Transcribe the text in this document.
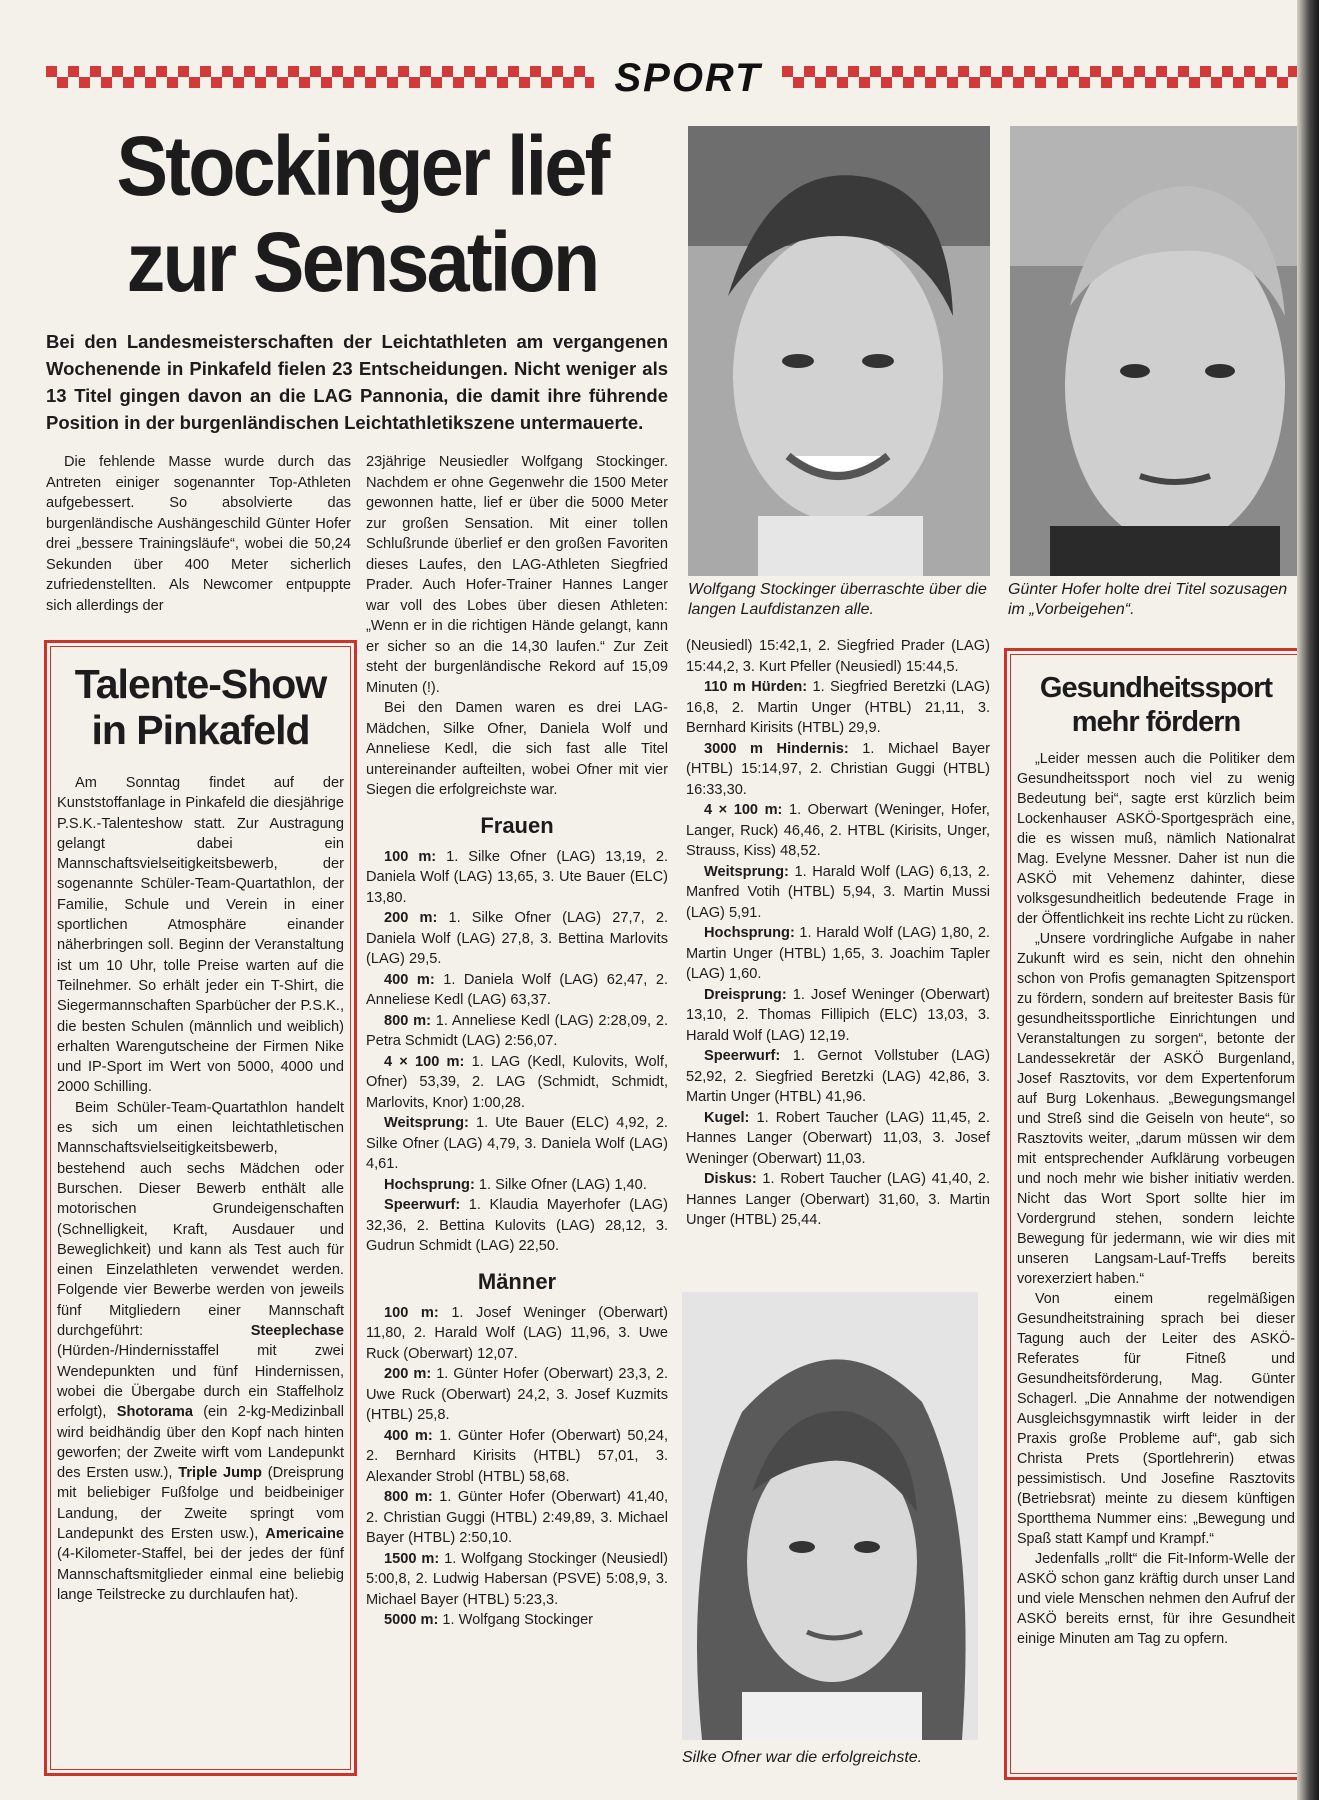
SPORT
Stockinger lief zur Sensation
Bei den Landesmeisterschaften der Leichtathleten am vergangenen Wochenende in Pinkafeld fielen 23 Entscheidungen. Nicht weniger als 13 Titel gingen davon an die LAG Pannonia, die damit ihre führende Position in der burgenländischen Leichtathletikszene untermauerte.

Die fehlende Masse wurde durch das Antreten einiger sogenannter Top-Athleten aufgebessert. So absolvierte das burgenländische Aushängeschild Günter Hofer drei „bessere Trainingsläufe“, wobei die 50,24 Sekunden über 400 Meter sicherlich zufriedenstellten. Als Newcomer entpuppte sich allerdings der

Talente-Show in Pinkafeld

Am Sonntag findet auf der Kunststoffanlage in Pinkafeld die diesjährige P.S.K.-Talenteshow statt. Zur Austragung gelangt dabei ein Mannschaftsvielseitigkeitsbewerb, der sogenannte Schüler-Team-Quartathlon, der Familie, Schule und Verein in einer sportlichen Atmosphäre einander näherbringen soll. Beginn der Veranstaltung ist um 10 Uhr, tolle Preise warten auf die Teilnehmer. So erhält jeder ein T-Shirt, die Siegermannschaften Sparbücher der P.S.K., die besten Schulen (männlich und weiblich) erhalten Warengutscheine der Firmen Nike und IP-Sport im Wert von 5000, 4000 und 2000 Schilling.

Beim Schüler-Team-Quartathlon handelt es sich um einen leichtathletischen Mannschaftsvielseitigkeitsbewerb, bestehend auch sechs Mädchen oder Burschen. Dieser Bewerb enthält alle motorischen Grundeigenschaften (Schnelligkeit, Kraft, Ausdauer und Beweglichkeit) und kann als Test auch für einen Einzelathleten verwendet werden. Folgende vier Bewerbe werden von jeweils fünf Mitgliedern einer Mannschaft durchgeführt:	Steeplechase (Hürden-/Hindernisstaffel mit zwei Wendepunkten und fünf Hindernissen, wobei die Übergabe durch ein Staffelholz erfolgt), Shotorama (ein 2-kg-Medizinball wird beidhändig über den Kopf nach hinten geworfen; der Zweite wirft vom Landepunkt des Ersten usw.), Triple Jump (Dreisprung mit beliebiger Fußfolge und beidbeiniger Landung, der Zweite springt vom Landepunkt des Ersten usw.), Americaine (4-Kilometer-Staffel, bei der jedes der fünf Mannschaftsmitglieder einmal eine beliebig lange Teilstrecke zu durchlaufen hat).

23jährige Neusiedler Wolfgang Stockinger. Nachdem er ohne Gegenwehr die 1500 Meter gewonnen hatte, lief er über die 5000 Meter zur großen Sensation. Mit einer tollen Schlußrunde überlief er den großen Favoriten dieses Laufes, den LAG-Athleten Siegfried Prader. Auch Hofer-Trainer Hannes Langer war voll des Lobes über diesen Athleten: „Wenn er in die richtigen Hände gelangt, kann er sicher so an die 14,30 laufen.“ Zur Zeit steht der burgenländische Rekord auf 15,09 Minuten (!).

Bei den Damen waren es drei LAG-Mädchen, Silke Ofner, Daniela Wolf und Anneliese Kedl, die sich fast alle Titel untereinander aufteilten, wobei Ofner mit vier Siegen die erfolgreichste war.

Frauen

100 m: 1. Silke Ofner (LAG) 13,19, 2. Daniela Wolf (LAG) 13,65, 3. Ute Bauer (ELC) 13,80.

200 m: 1. Silke Ofner (LAG) 27,7, 2. Daniela Wolf (LAG) 27,8, 3. Bettina Marlovits (LAG) 29,5.

400 m: 1. Daniela Wolf (LAG) 62,47, 2. Anneliese Kedl (LAG) 63,37.

800 m: 1. Anneliese Kedl (LAG) 2:28,09, 2. Petra Schmidt (LAG) 2:56,07.

4 × 100 m: 1. LAG (Kedl, Kulovits, Wolf, Ofner) 53,39, 2. LAG (Schmidt, Schmidt, Marlovits, Knor) 1:00,28.

Weitsprung: 1. Ute Bauer (ELC) 4,92, 2. Silke Ofner (LAG) 4,79, 3. Daniela Wolf (LAG) 4,61.

Hochsprung: 1. Silke Ofner (LAG) 1,40.

Speerwurf: 1. Klaudia Mayerhofer (LAG) 32,36, 2. Bettina Kulovits (LAG) 28,12, 3. Gudrun Schmidt (LAG) 22,50.

Männer

100 m: 1. Josef Weninger (Oberwart) 11,80, 2. Harald Wolf (LAG) 11,96, 3. Uwe Ruck (Oberwart) 12,07.

200 m: 1. Günter Hofer (Oberwart) 23,3, 2. Uwe Ruck (Oberwart) 24,2, 3. Josef Kuzmits (HTBL) 25,8.

400 m: 1. Günter Hofer (Oberwart) 50,24, 2. Bernhard Kirisits (HTBL) 57,01, 3. Alexander Strobl (HTBL) 58,68.

800 m: 1. Günter Hofer (Oberwart) 41,40, 2. Christian Guggi (HTBL) 2:49,89, 3. Michael Bayer (HTBL) 2:50,10.

1500 m: 1. Wolfgang Stockinger (Neusiedl) 5:00,8, 2. Ludwig Habersan (PSVE) 5:08,9, 3. Michael Bayer (HTBL) 5:23,3.

5000 m: 1. Wolfgang Stockinger

Wolfgang Stockinger überraschte über die langen Laufdistanzen alle.
Günter Hofer holte drei Titel sozusagen im „Vorbeigehen“.

(Neusiedl) 15:42,1, 2. Siegfried Prader (LAG) 15:44,2, 3. Kurt Pfeller (Neusiedl) 15:44,5.

110 m Hürden: 1. Siegfried Beretzki (LAG) 16,8, 2. Martin Unger (HTBL) 21,11, 3. Bernhard Kirisits (HTBL) 29,9.

3000 m Hindernis: 1. Michael Bayer (HTBL) 15:14,97, 2. Christian Guggi (HTBL) 16:33,30.

4 × 100 m: 1. Oberwart (Weninger, Hofer, Langer, Ruck) 46,46, 2. HTBL (Kirisits, Unger, Strauss, Kiss) 48,52.

Weitsprung: 1. Harald Wolf (LAG) 6,13, 2. Manfred Votih (HTBL) 5,94, 3. Martin Mussi (LAG) 5,91.

Hochsprung: 1. Harald Wolf (LAG) 1,80, 2. Martin Unger (HTBL) 1,65, 3. Joachim Tapler (LAG) 1,60.

Dreisprung: 1. Josef Weninger (Oberwart) 13,10, 2. Thomas Fillipich (ELC) 13,03, 3. Harald Wolf (LAG) 12,19.

Speerwurf: 1. Gernot Vollstuber (LAG) 52,92, 2. Siegfried Beretzki (LAG) 42,86, 3. Martin Unger (HTBL) 41,96.

Kugel: 1. Robert Taucher (LAG) 11,45, 2. Hannes Langer (Oberwart) 11,03, 3. Josef Weninger (Oberwart) 11,03.

Diskus: 1. Robert Taucher (LAG) 41,40, 2. Hannes Langer (Oberwart) 31,60, 3. Martin Unger (HTBL) 25,44.

Silke Ofner war die erfolgreichste.
Gesundheitssport mehr fördern

„Leider messen auch die Politiker dem Gesundheitssport noch viel zu wenig Bedeutung bei“, sagte erst kürzlich beim Lockenhauser ASKÖ-Sportgespräch eine, die es wissen muß, nämlich Nationalrat Mag. Evelyne Messner. Daher ist nun die ASKÖ mit Vehemenz dahinter, diese volksgesundheitlich bedeutende Frage in der Öffentlichkeit ins rechte Licht zu rücken.

„Unsere vordringliche Aufgabe in naher Zukunft wird es sein, nicht den ohnehin schon von Profis gemanagten Spitzensport zu fördern, sondern auf breitester Basis für gesundheitssportliche Einrichtungen und Veranstaltungen zu sorgen“, betonte der Landessekretär der ASKÖ Burgenland, Josef Rasztovits, vor dem Expertenforum auf Burg Lokenhaus. „Bewegungsmangel und Streß sind die Geiseln von heute“, so Rasztovits weiter, „darum müssen wir dem mit entsprechender Aufklärung vorbeugen und noch mehr wie bisher initiativ werden. Nicht das Wort Sport sollte hier im Vordergrund stehen, sondern leichte Bewegung für jedermann, wie wir dies mit unseren Langsam-Lauf-Treffs bereits vorexerziert haben.“

Von einem regelmäßigen Gesundheitstraining sprach bei dieser Tagung auch der Leiter des ASKÖ-Referates für Fitneß und Gesundheitsförderung, Mag. Günter Schagerl. „Die Annahme der notwendigen Ausgleichsgymnastik wirft leider in der Praxis große Probleme auf“, gab sich Christa Prets (Sportlehrerin) etwas pessimistisch. Und Josefine Rasztovits (Betriebsrat) meinte zu diesem künftigen Sportthema Nummer eins: „Bewegung und Spaß statt Kampf und Krampf.“

Jedenfalls „rollt“ die Fit-Inform-Welle der ASKÖ schon ganz kräftig durch unser Land und viele Menschen nehmen den Aufruf der ASKÖ bereits ernst, für ihre Gesundheit einige Minuten am Tag zu opfern.
